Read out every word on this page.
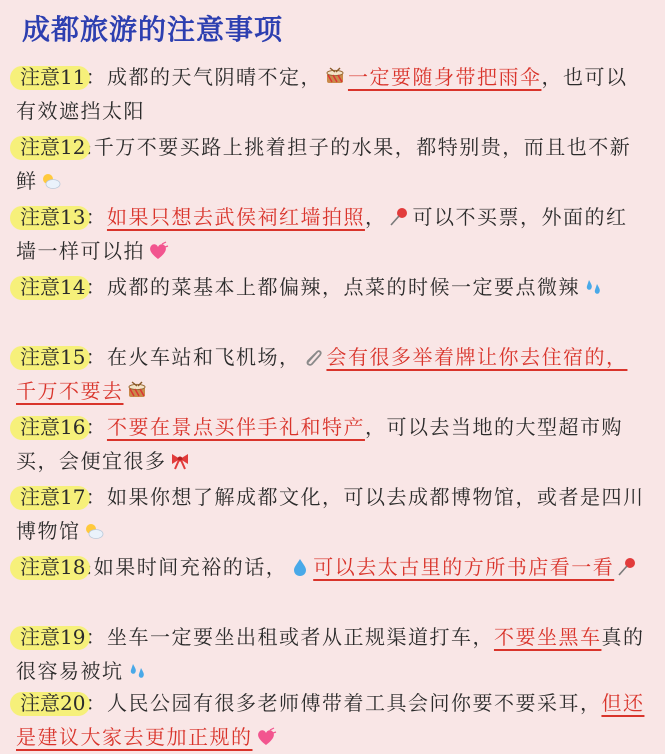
成都旅游的注意事项
注意11：成都的天气阴晴不定， 一定要随身带把雨伞，也可以有效遮挡太阳
注意12:千万不要买路上挑着担子的水果，都特别贵，而且也不新鲜
注意13：如果只想去武侯祠红墙拍照， 可以不买票，外面的红墙一样可以拍
注意14：成都的菜基本上都偏辣，点菜的时候一定要点微辣
注意15：在火车站和飞机场， 会有很多举着牌让你去住宿的，千万不要去
注意16：不要在景点买伴手礼和特产，可以去当地的大型超市购买，会便宜很多
注意17：如果你想了解成都文化，可以去成都博物馆，或者是四川博物馆
注意18:如果时间充裕的话， 可以去太古里的方所书店看一看
注意19：坐车一定要坐出租或者从正规渠道打车，不要坐黑车真的很容易被坑
注意20：人民公园有很多老师傅带着工具会问你要不要采耳，但还是建议大家去更加正规的
